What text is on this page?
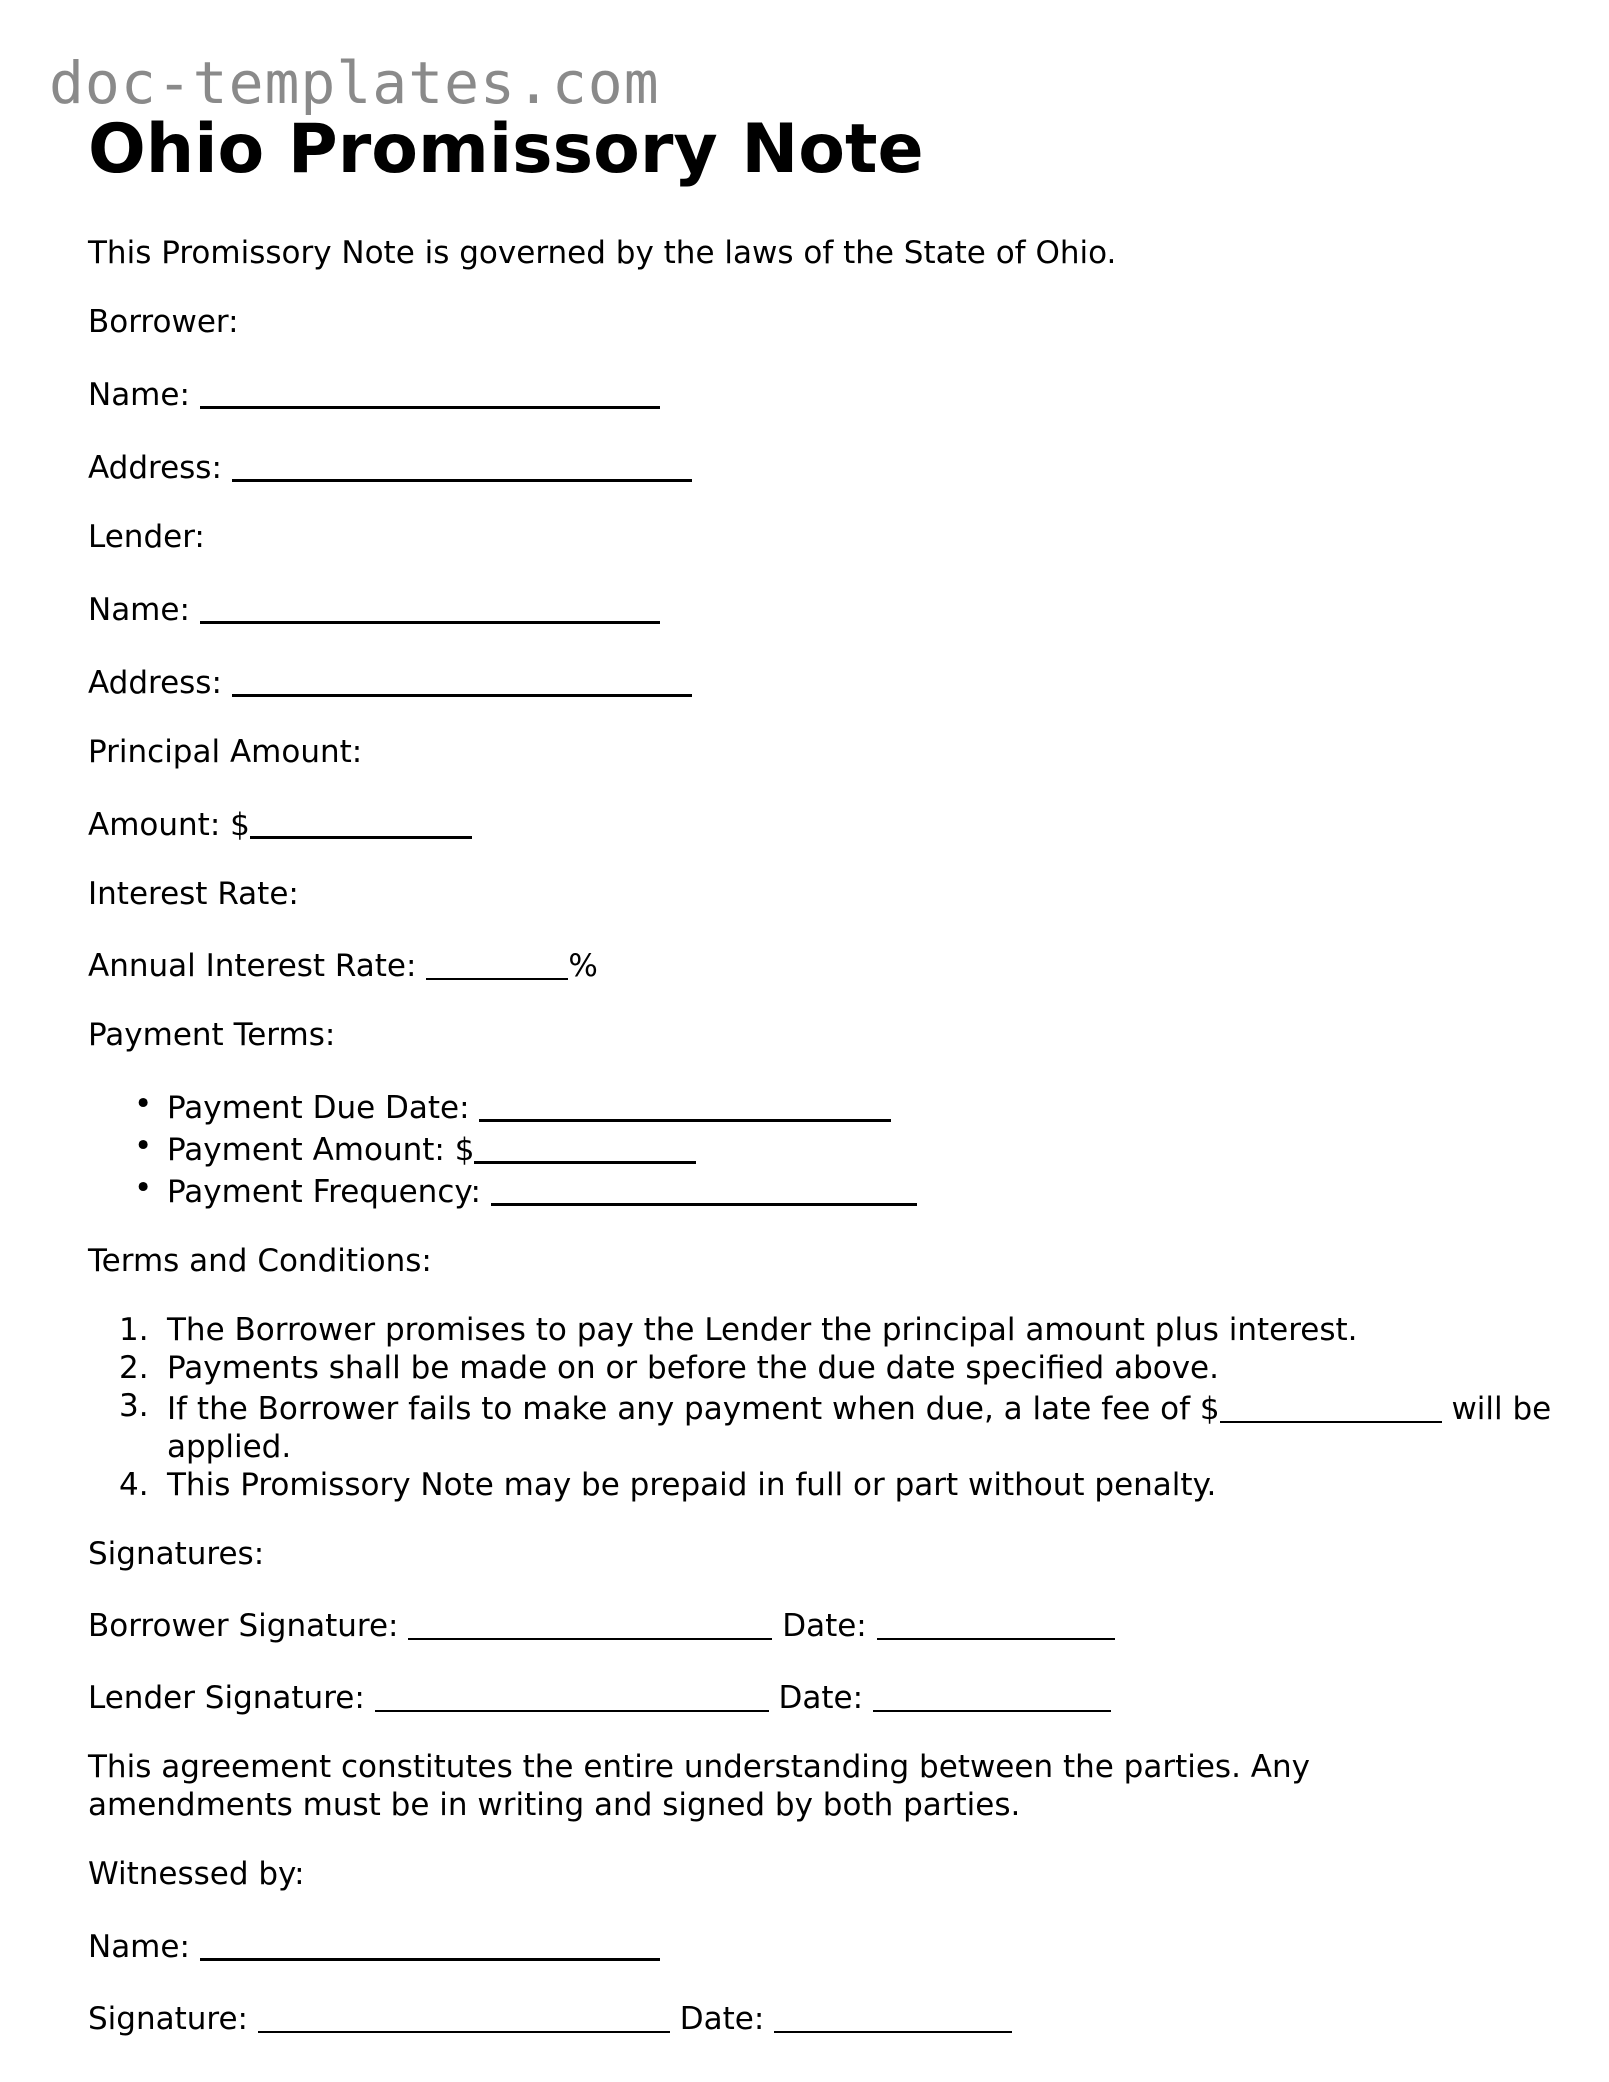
doc-templates.com
Ohio Promissory Note

This Promissory Note is governed by the laws of the State of Ohio.

Borrower:

Name:

Address:

Lender:

Name:

Address:

Principal Amount:

Amount: $

Interest Rate:

Annual Interest Rate:	%

Payment Terms:

• Payment Due Date:
• Payment Amount: $
• Payment Frequency:

Terms and Conditions:

1. The Borrower promises to pay the Lender the principal amount plus interest.
2. Payments shall be made on or before the due date specified above.
3. If the Borrower fails to make any payment when due, a late fee of $	will be applied.
4. This Promissory Note may be prepaid in full or part without penalty.

Signatures:

Borrower Signature:	Date:

Lender Signature:	Date:

This agreement constitutes the entire understanding between the parties. Any amendments must be in writing and signed by both parties.

Witnessed by:

Name:

Signature:	Date:
